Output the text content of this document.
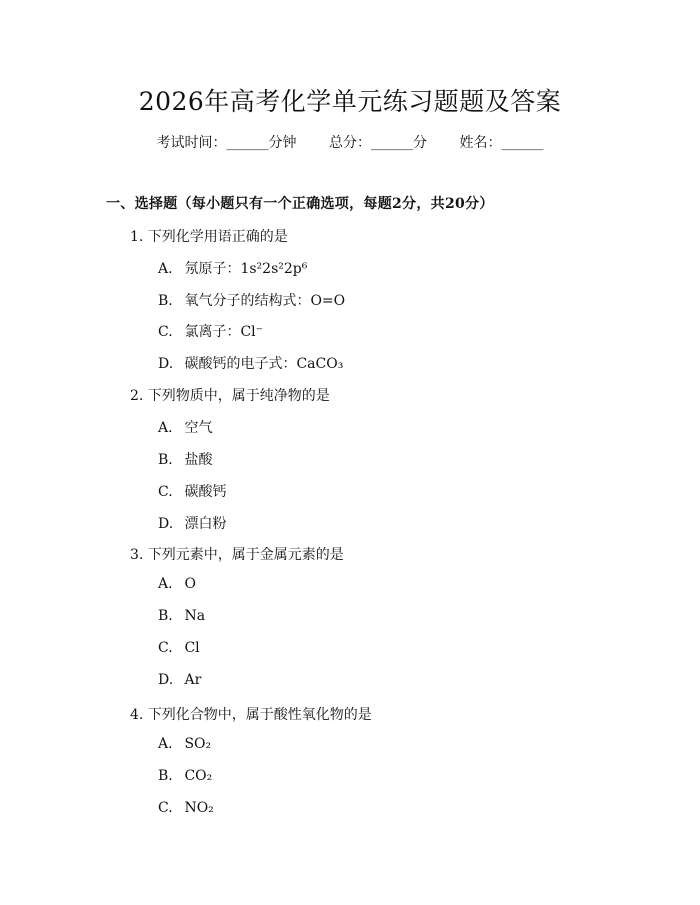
2026年高考化学单元练习题题及答案
考试时间：______分钟 总分：______分 姓名：______
一、选择题（每小题只有一个正确选项，每题2分，共20分）
1. 下列化学用语正确的是
A. 氖原子：1s²2s²2p⁶
B. 氧气分子的结构式：O=O
C. 氯离子：Cl⁻
D. 碳酸钙的电子式：CaCO₃
2. 下列物质中，属于纯净物的是
A. 空气
B. 盐酸
C. 碳酸钙
D. 漂白粉
3. 下列元素中，属于金属元素的是
A. O
B. Na
C. Cl
D. Ar
4. 下列化合物中，属于酸性氧化物的是
A. SO₂
B. CO₂
C. NO₂
